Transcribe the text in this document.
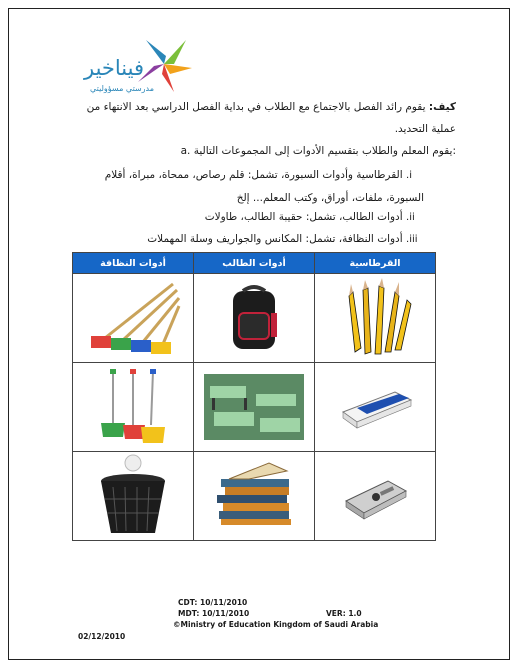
فيناخير
مدرستي مسؤوليتي
كيف: يقوم رائد الفصل بالاجتماع مع الطلاب في بداية الفصل الدراسي بعد الانتهاء من عملية التحديد.
a. يقوم المعلم والطلاب بتقسيم الأدوات إلى المجموعات التالية:
i. القرطاسية وأدوات السبورة، تشمل: قلم رصاص، ممحاة، مبراة، أقلام
السبورة، ملفات، أوراق، وكتب المعلم... إلخ
ii. أدوات الطالب، تشمل: حقيبة الطالب، طاولات
iii. أدوات النظافة، تشمل: المكانس والجواريف وسلة المهملات
أدوات النظافة	أدوات الطالب	القرطاسية

CDT: 10/11/2010
MDT: 10/11/2010	VER: 1.0
©Ministry of Education Kingdom of Saudi Arabia
02/12/2010
